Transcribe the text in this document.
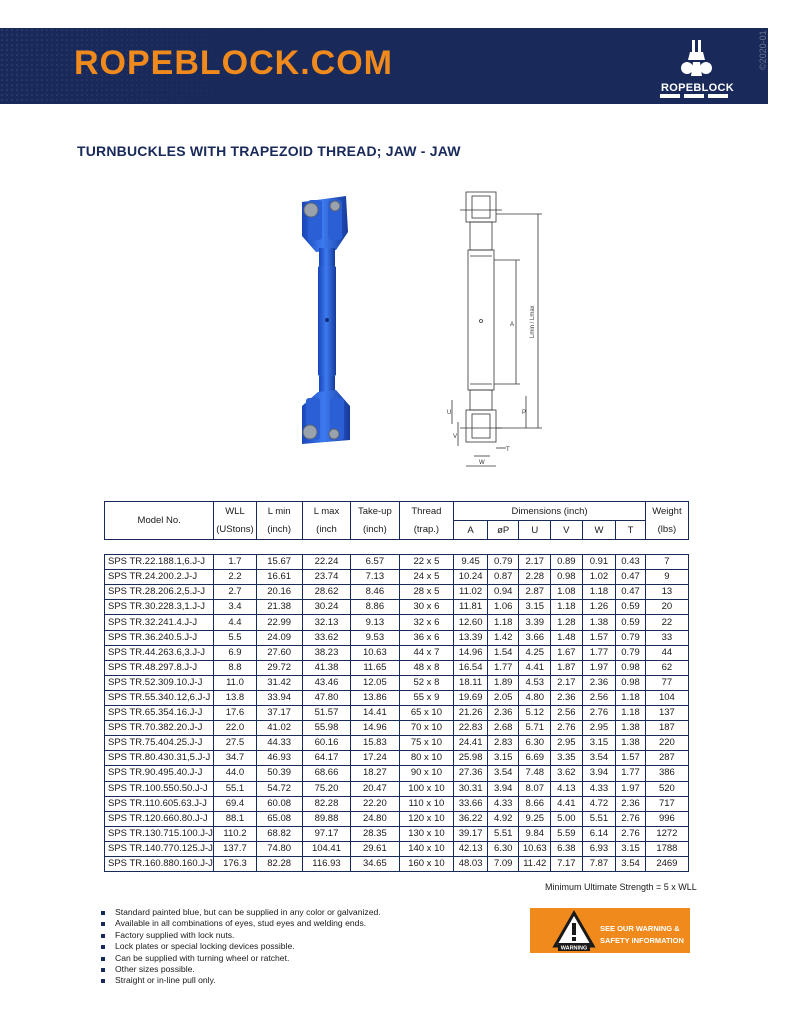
ROPEBLOCK.COM
ROPEBLOCK
©2020-01
TURNBUCKLES WITH TRAPEZOID THREAD; JAW - JAW
A	Lmin / Lmax
U
V
W
T
P
Model No.	WLL	L min	L max	Take-up	Thread	Dimensions (inch)						Weight
	(UStons)	(inch)	(inch	(inch)	(trap.)	A	øP	U	V	W	T	(lbs)

SPS TR.22.188.1,6.J-J	1.7	15.67	22.24	6.57	22 x 5	9.45	0.79	2.17	0.89	0.91	0.43	7
SPS TR.24.200.2.J-J	2.2	16.61	23.74	7.13	24 x 5	10.24	0.87	2.28	0.98	1.02	0.47	9
SPS TR.28.206.2,5.J-J	2.7	20.16	28.62	8.46	28 x 5	11.02	0.94	2.87	1.08	1.18	0.47	13
SPS TR.30.228.3,1.J-J	3.4	21.38	30.24	8.86	30 x 6	11.81	1.06	3.15	1.18	1.26	0.59	20
SPS TR.32.241.4.J-J	4.4	22.99	32.13	9.13	32 x 6	12.60	1.18	3.39	1.28	1.38	0.59	22
SPS TR.36.240.5.J-J	5.5	24.09	33.62	9.53	36 x 6	13.39	1.42	3.66	1.48	1.57	0.79	33
SPS TR.44.263.6,3.J-J	6.9	27.60	38.23	10.63	44 x 7	14.96	1.54	4.25	1.67	1.77	0.79	44
SPS TR.48.297.8.J-J	8.8	29.72	41.38	11.65	48 x 8	16.54	1.77	4.41	1.87	1.97	0.98	62
SPS TR.52.309.10.J-J	11.0	31.42	43.46	12.05	52 x 8	18.11	1.89	4.53	2.17	2.36	0.98	77
SPS TR.55.340.12,6.J-J	13.8	33.94	47.80	13.86	55 x 9	19.69	2.05	4.80	2.36	2.56	1.18	104
SPS TR.65.354.16.J-J	17.6	37.17	51.57	14.41	65 x 10	21.26	2.36	5.12	2.56	2.76	1.18	137
SPS TR.70.382.20.J-J	22.0	41.02	55.98	14.96	70 x 10	22.83	2.68	5.71	2.76	2.95	1.38	187
SPS TR.75.404.25.J-J	27.5	44.33	60.16	15.83	75 x 10	24.41	2.83	6.30	2.95	3.15	1.38	220
SPS TR.80.430.31,5.J-J	34.7	46.93	64.17	17.24	80 x 10	25.98	3.15	6.69	3.35	3.54	1.57	287
SPS TR.90.495.40.J-J	44.0	50.39	68.66	18.27	90 x 10	27.36	3.54	7.48	3.62	3.94	1.77	386
SPS TR.100.550.50.J-J	55.1	54.72	75.20	20.47	100 x 10	30.31	3.94	8.07	4.13	4.33	1.97	520
SPS TR.110.605.63.J-J	69.4	60.08	82.28	22.20	110 x 10	33.66	4.33	8.66	4.41	4.72	2.36	717
SPS TR.120.660.80.J-J	88.1	65.08	89.88	24.80	120 x 10	36.22	4.92	9.25	5.00	5.51	2.76	996
SPS TR.130.715.100.J-J	110.2	68.82	97.17	28.35	130 x 10	39.17	5.51	9.84	5.59	6.14	2.76	1272
SPS TR.140.770.125.J-J	137.7	74.80	104.41	29.61	140 x 10	42.13	6.30	10.63	6.38	6.93	3.15	1788
SPS TR.160.880.160.J-J	176.3	82.28	116.93	34.65	160 x 10	48.03	7.09	11.42	7.17	7.87	3.54	2469
Minimum Ultimate Strength = 5 x WLL
Standard painted blue, but can be supplied in any color or galvanized.
Available in all combinations of eyes, stud eyes and welding ends.
Factory supplied with lock nuts.
Lock plates or special locking devices possible.
Can be supplied with turning wheel or ratchet.
Other sizes possible.
Straight or in-line pull only.
WARNING
SEE OUR WARNING &
SAFETY INFORMATION
